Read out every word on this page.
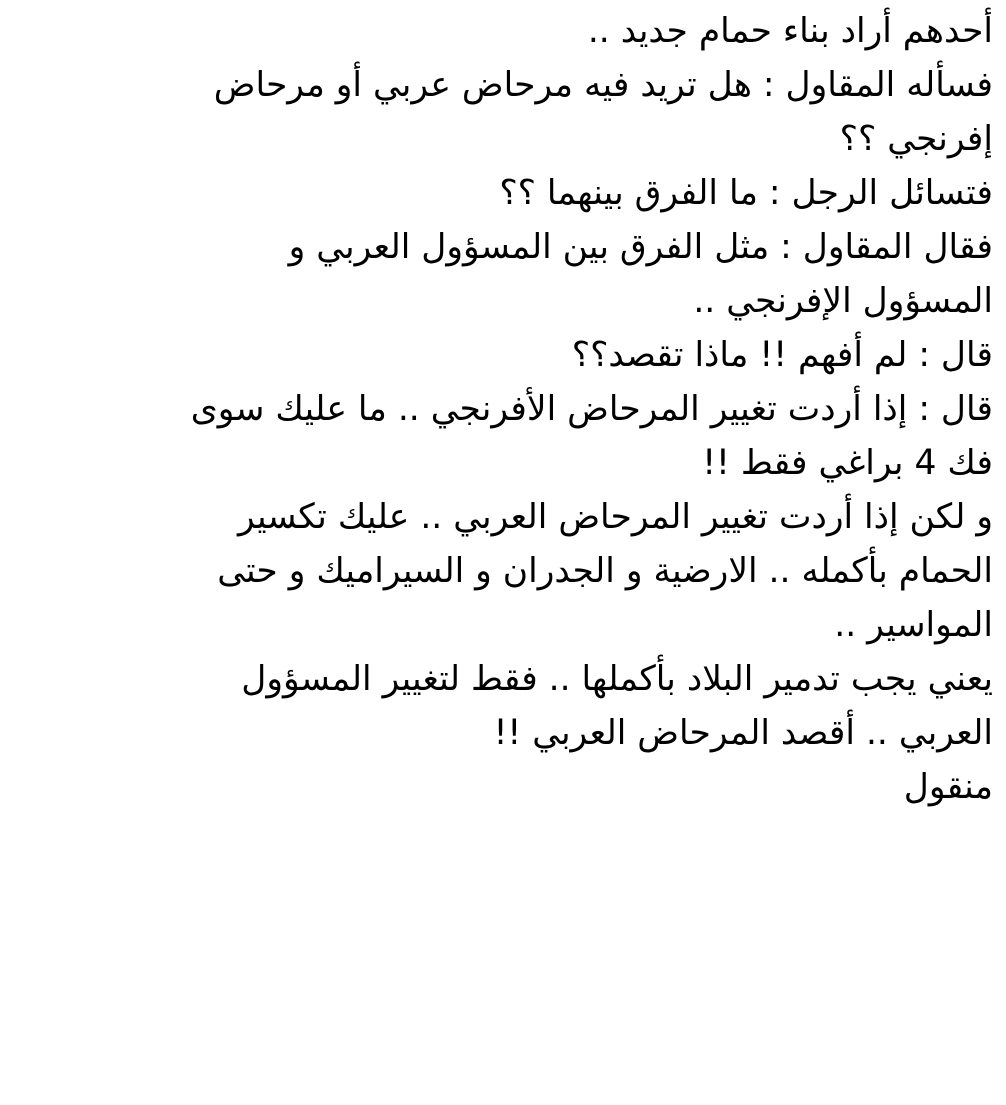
أحدهم أراد بناء حمام جديد ..
فسأله المقاول : هل تريد فيه مرحاض عربي أو مرحاض
إفرنجي ؟؟
فتسائل الرجل : ما الفرق بينهما ؟؟
فقال المقاول : مثل الفرق بين المسؤول العربي و
المسؤول الإفرنجي ..
قال : لم أفهم !! ماذا تقصد؟؟
قال : إذا أردت تغيير المرحاض الأفرنجي .. ما عليك سوى
فك 4 براغي فقط !!
و لكن إذا أردت تغيير المرحاض العربي .. عليك تكسير
الحمام بأكمله .. الارضية و الجدران و السيراميك و حتى
المواسير ..
يعني يجب تدمير البلاد بأكملها .. فقط لتغيير المسؤول
العربي .. أقصد المرحاض العربي !!
منقول
